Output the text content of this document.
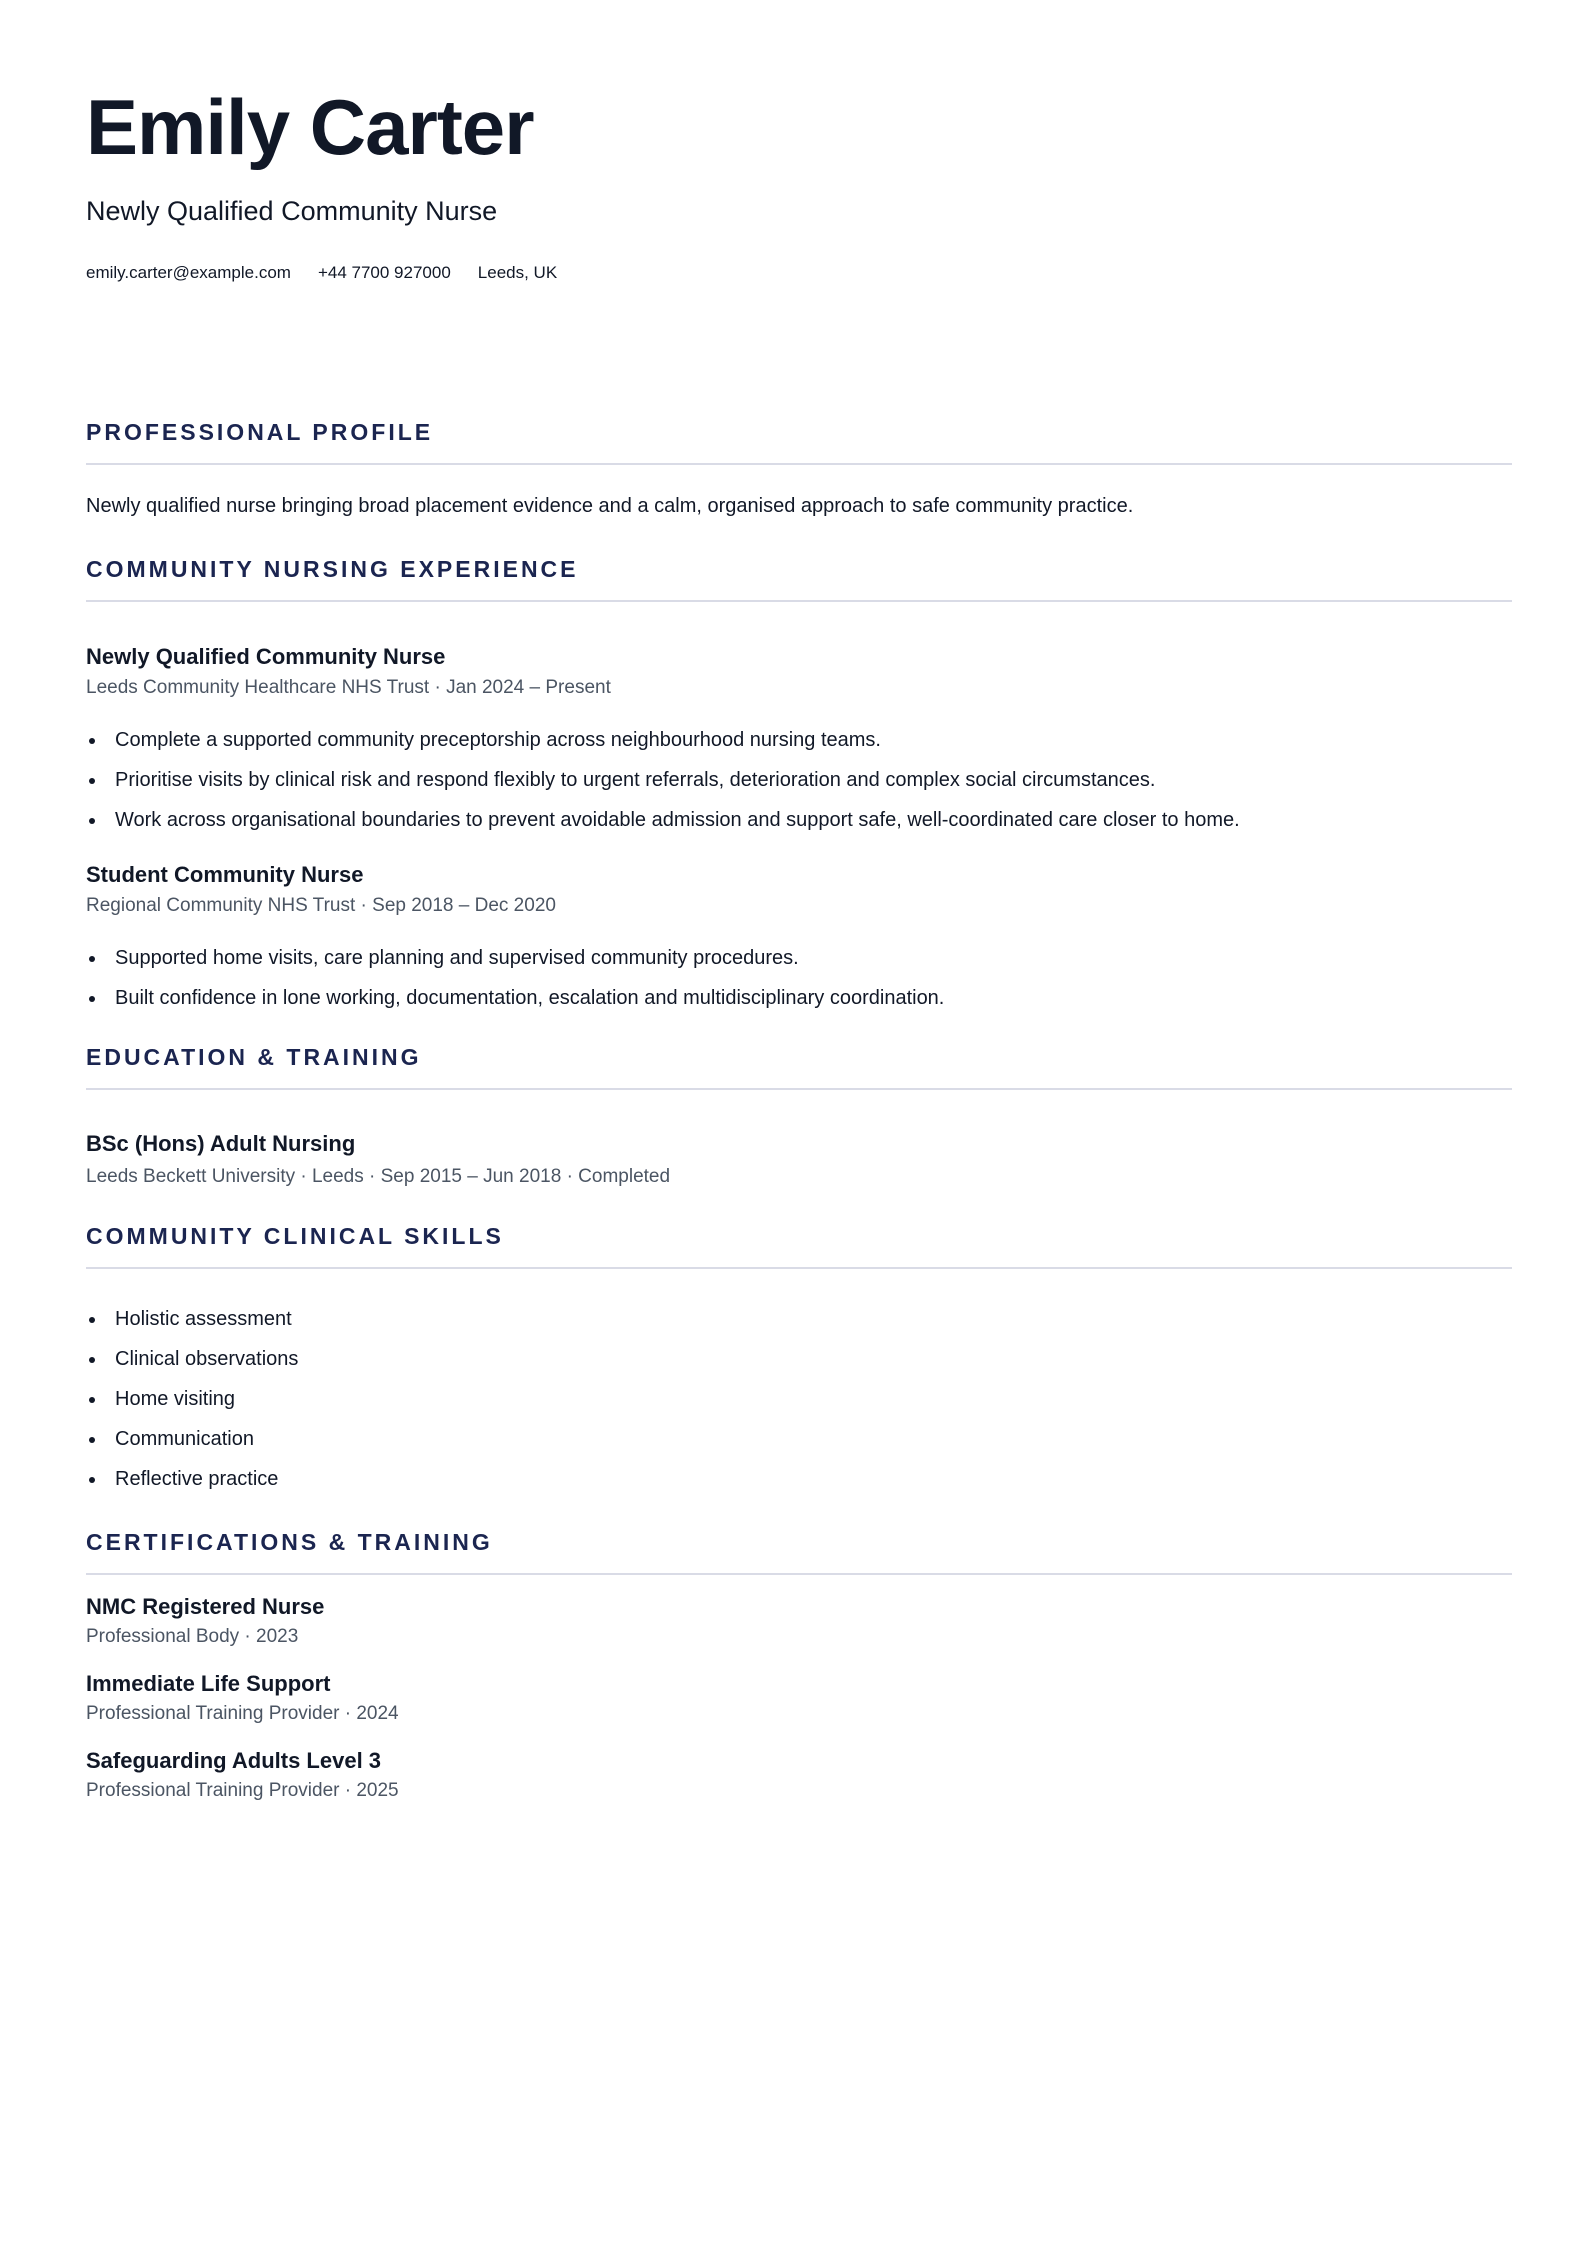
Emily Carter
Newly Qualified Community Nurse
emily.carter@example.com +44 7700 927000 Leeds, UK
PROFESSIONAL PROFILE
Newly qualified nurse bringing broad placement evidence and a calm, organised approach to safe community practice.
COMMUNITY NURSING EXPERIENCE
Newly Qualified Community Nurse
Leeds Community Healthcare NHS Trust · Jan 2024 – Present
Complete a supported community preceptorship across neighbourhood nursing teams.
Prioritise visits by clinical risk and respond flexibly to urgent referrals, deterioration and complex social circumstances.
Work across organisational boundaries to prevent avoidable admission and support safe, well-coordinated care closer to home.
Student Community Nurse
Regional Community NHS Trust · Sep 2018 – Dec 2020
Supported home visits, care planning and supervised community procedures.
Built confidence in lone working, documentation, escalation and multidisciplinary coordination.
EDUCATION & TRAINING
BSc (Hons) Adult Nursing
Leeds Beckett University · Leeds · Sep 2015 – Jun 2018 · Completed
COMMUNITY CLINICAL SKILLS
Holistic assessment
Clinical observations
Home visiting
Communication
Reflective practice
CERTIFICATIONS & TRAINING
NMC Registered Nurse
Professional Body · 2023
Immediate Life Support
Professional Training Provider · 2024
Safeguarding Adults Level 3
Professional Training Provider · 2025
